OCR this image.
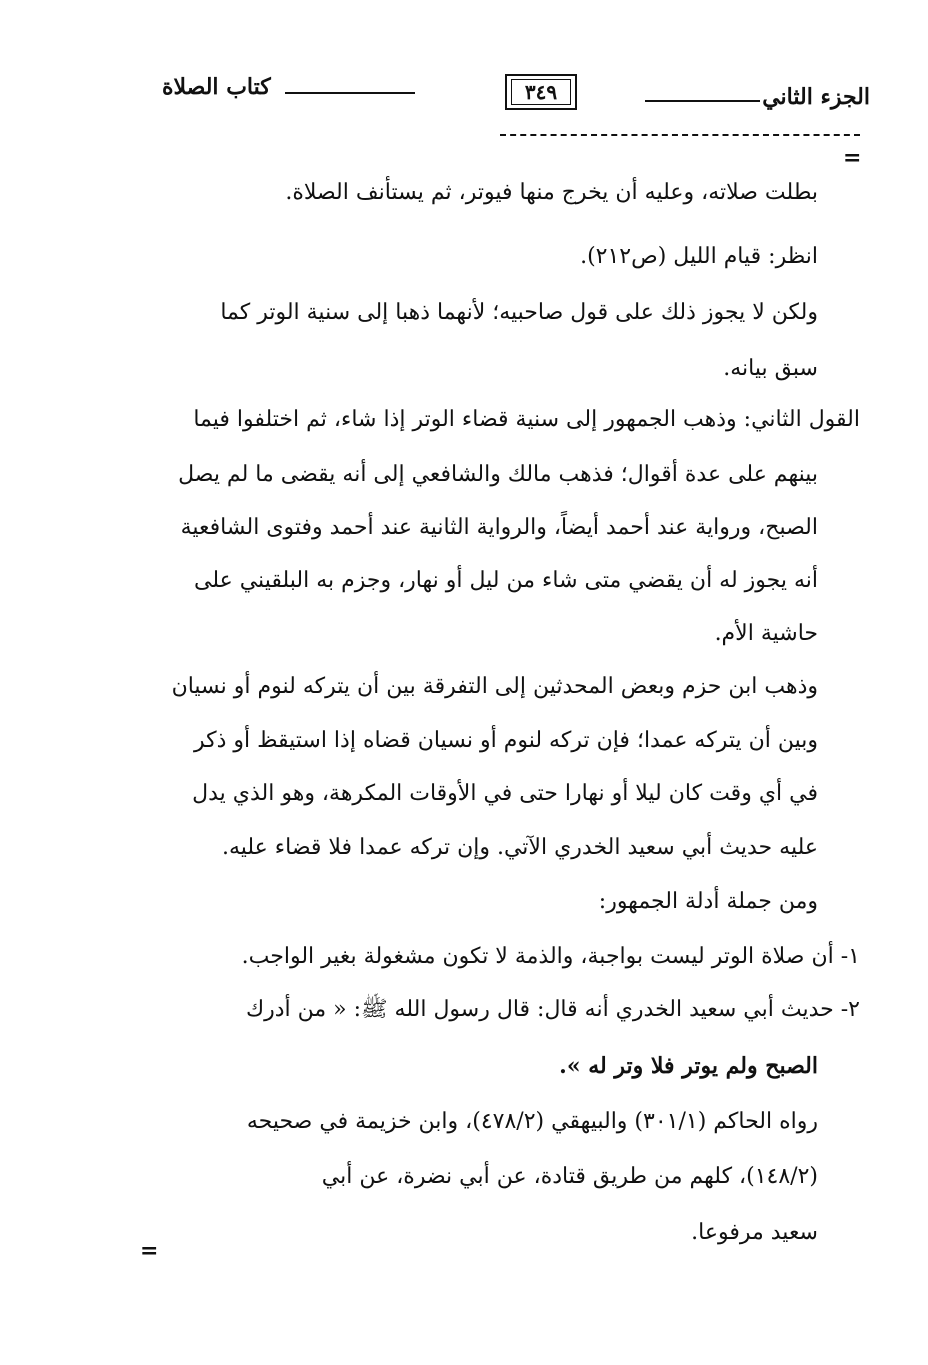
الجزء الثاني
٣٤٩
كتاب الصلاة
=
بطلت صلاته، وعليه أن يخرج منها فيوتر، ثم يستأنف الصلاة.
انظر: قيام الليل (ص٢١٢).
ولكن لا يجوز ذلك على قول صاحبيه؛ لأنهما ذهبا إلى سنية الوتر كما
سبق بيانه.
القول الثاني: وذهب الجمهور إلى سنية قضاء الوتر إذا شاء، ثم اختلفوا فيما
بينهم على عدة أقوال؛ فذهب مالك والشافعي إلى أنه يقضى ما لم يصل
الصبح، ورواية عند أحمد أيضاً، والرواية الثانية عند أحمد وفتوى الشافعية
أنه يجوز له أن يقضي متى شاء من ليل أو نهار، وجزم به البلقيني على
حاشية الأم.
وذهب ابن حزم وبعض المحدثين إلى التفرقة بين أن يتركه لنوم أو نسيان
وبين أن يتركه عمدا؛ فإن تركه لنوم أو نسيان قضاه إذا استيقظ أو ذكر
في أي وقت كان ليلا أو نهارا حتى في الأوقات المكرهة، وهو الذي يدل
عليه حديث أبي سعيد الخدري الآتي. وإن تركه عمدا فلا قضاء عليه.
ومن جملة أدلة الجمهور:
١- أن صلاة الوتر ليست بواجبة، والذمة لا تكون مشغولة بغير الواجب.
٢- حديث أبي سعيد الخدري أنه قال: قال رسول الله ﷺ: « من أدرك
الصبح ولم يوتر فلا وتر له ».
رواه الحاكم (٣٠١/١) والبيهقي (٤٧٨/٢)، وابن خزيمة في صحيحه
(١٤٨/٢)، كلهم من طريق قتادة، عن أبي نضرة، عن أبي
سعيد مرفوعا.
=
